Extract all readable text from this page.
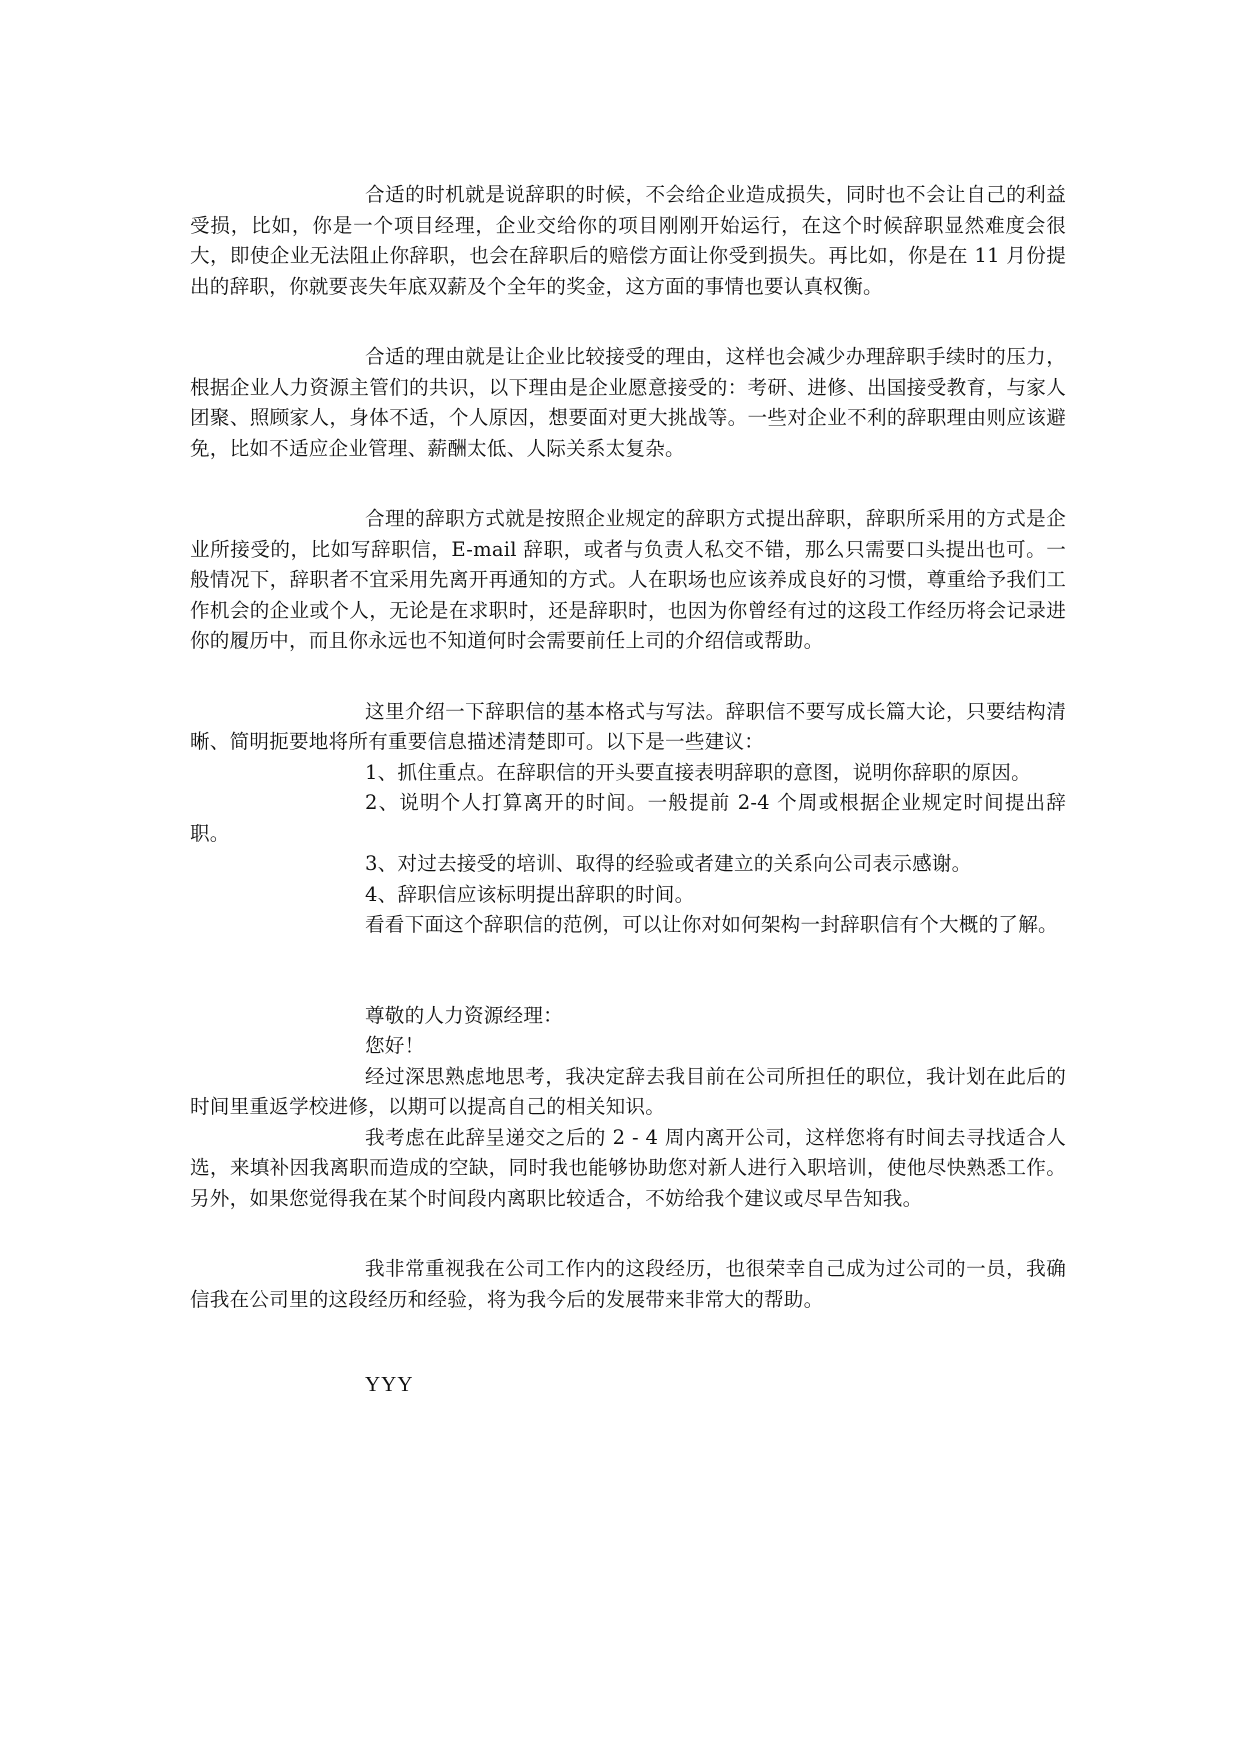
合适的时机就是说辞职的时候，不会给企业造成损失，同时也不会让自己的利益受损，比如，你是一个项目经理，企业交给你的项目刚刚开始运行，在这个时候辞职显然难度会很大，即使企业无法阻止你辞职，也会在辞职后的赔偿方面让你受到损失。再比如，你是在 11 月份提出的辞职，你就要丧失年底双薪及个全年的奖金，这方面的事情也要认真权衡。

合适的理由就是让企业比较接受的理由，这样也会减少办理辞职手续时的压力，根据企业人力资源主管们的共识，以下理由是企业愿意接受的：考研、进修、出国接受教育，与家人团聚、照顾家人，身体不适，个人原因，想要面对更大挑战等。一些对企业不利的辞职理由则应该避免，比如不适应企业管理、薪酬太低、人际关系太复杂。

合理的辞职方式就是按照企业规定的辞职方式提出辞职，辞职所采用的方式是企业所接受的，比如写辞职信，E-mail 辞职，或者与负责人私交不错，那么只需要口头提出也可。一般情况下，辞职者不宜采用先离开再通知的方式。人在职场也应该养成良好的习惯，尊重给予我们工作机会的企业或个人，无论是在求职时，还是辞职时，也因为你曾经有过的这段工作经历将会记录进你的履历中，而且你永远也不知道何时会需要前任上司的介绍信或帮助。

这里介绍一下辞职信的基本格式与写法。辞职信不要写成长篇大论，只要结构清晰、简明扼要地将所有重要信息描述清楚即可。以下是一些建议：

1、抓住重点。在辞职信的开头要直接表明辞职的意图，说明你辞职的原因。

2、说明个人打算离开的时间。一般提前 2-4 个周或根据企业规定时间提出辞职。

3、对过去接受的培训、取得的经验或者建立的关系向公司表示感谢。

4、辞职信应该标明提出辞职的时间。

看看下面这个辞职信的范例，可以让你对如何架构一封辞职信有个大概的了解。

尊敬的人力资源经理：

您好！

经过深思熟虑地思考，我决定辞去我目前在公司所担任的职位，我计划在此后的时间里重返学校进修，以期可以提高自己的相关知识。

我考虑在此辞呈递交之后的 2 - 4 周内离开公司，这样您将有时间去寻找适合人选，来填补因我离职而造成的空缺，同时我也能够协助您对新人进行入职培训，使他尽快熟悉工作。另外，如果您觉得我在某个时间段内离职比较适合，不妨给我个建议或尽早告知我。

我非常重视我在公司工作内的这段经历，也很荣幸自己成为过公司的一员，我确信我在公司里的这段经历和经验，将为我今后的发展带来非常大的帮助。

YYY
